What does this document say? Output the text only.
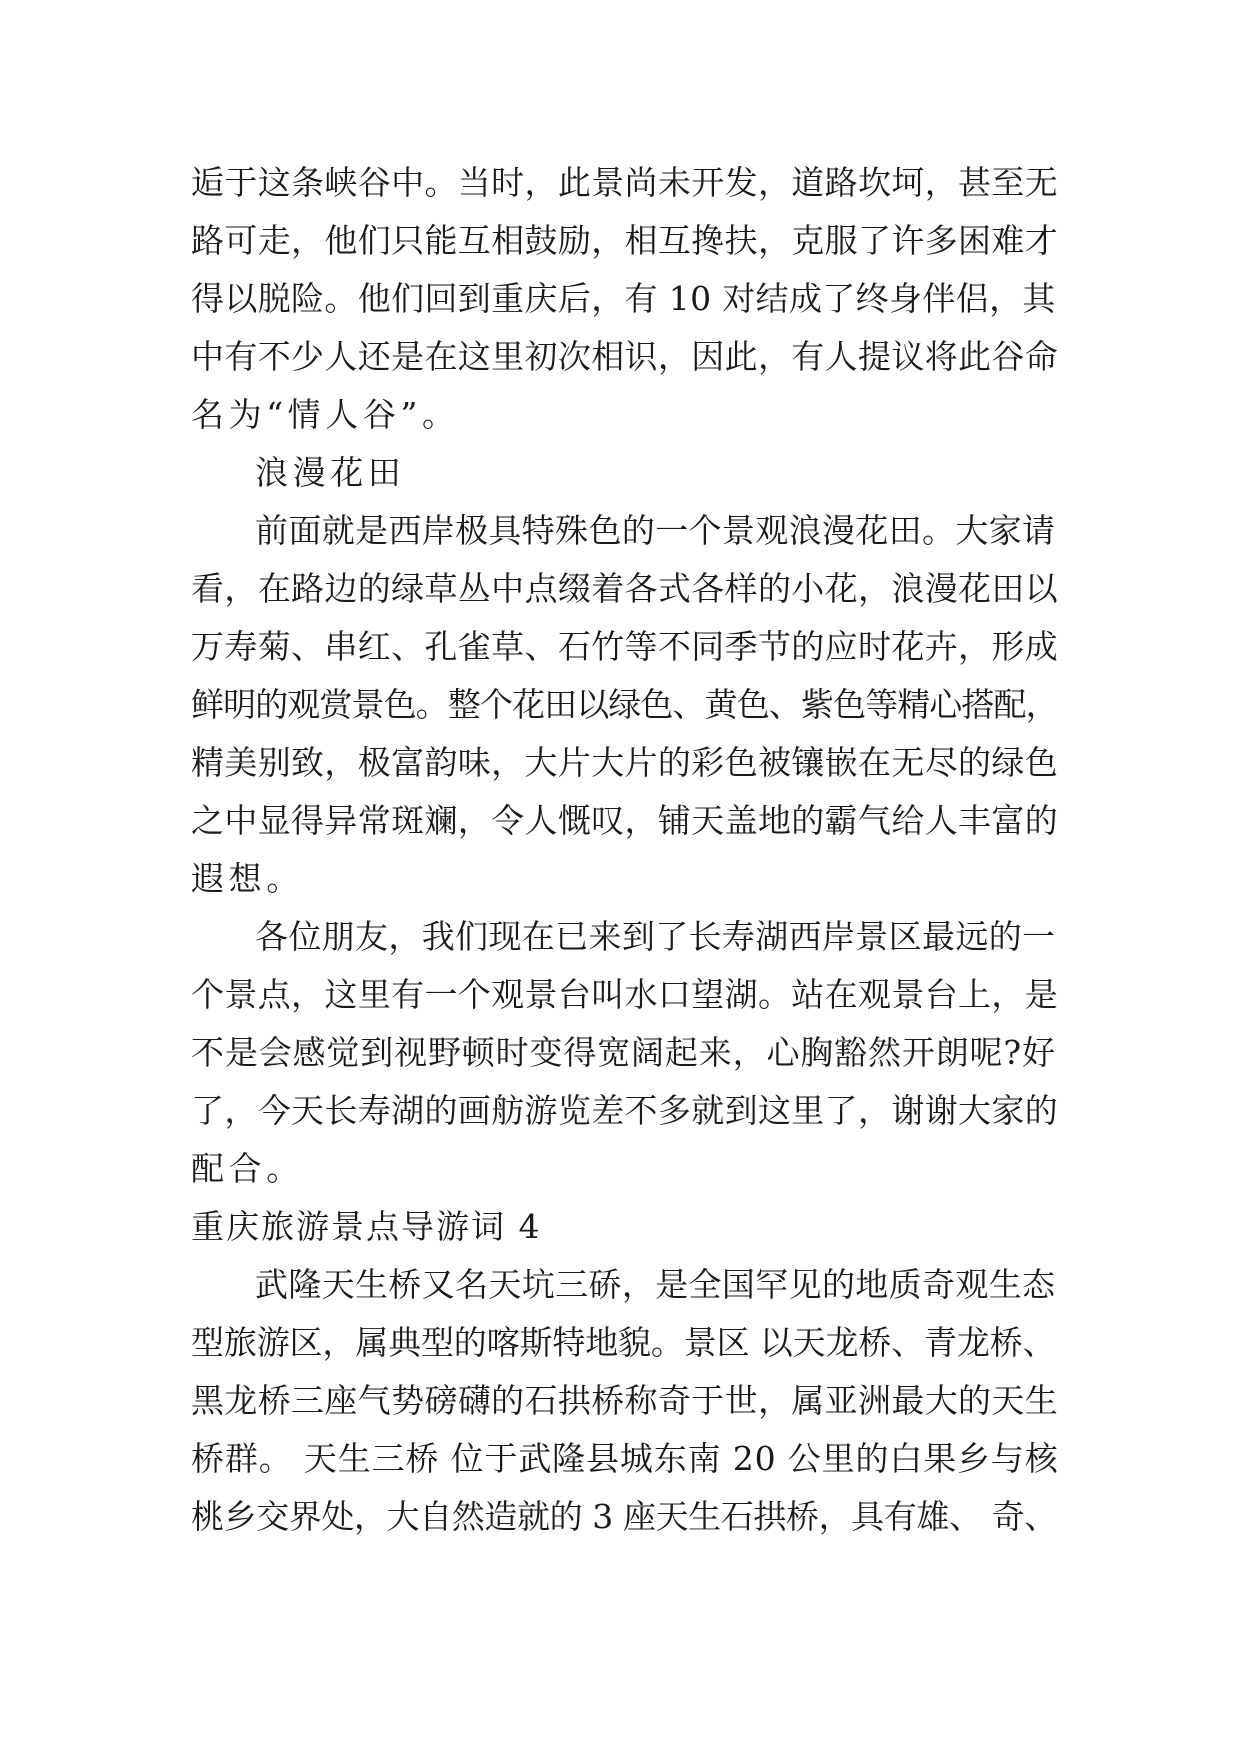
逅于这条峡谷中。当时，此景尚未开发，道路坎坷，甚至无
路可走，他们只能互相鼓励，相互搀扶，克服了许多困难才
得以脱险。他们回到重庆后，有 10 对结成了终身伴侣，其
中有不少人还是在这里初次相识，因此，有人提议将此谷命
名为“情人谷”。
浪漫花田
前面就是西岸极具特殊色的一个景观浪漫花田。大家请
看，在路边的绿草丛中点缀着各式各样的小花，浪漫花田以
万寿菊、串红、孔雀草、石竹等不同季节的应时花卉，形成
鲜明的观赏景色。整个花田以绿色、黄色、紫色等精心搭配，
精美别致，极富韵味，大片大片的彩色被镶嵌在无尽的绿色
之中显得异常斑斓，令人慨叹，铺天盖地的霸气给人丰富的
遐想。
各位朋友，我们现在已来到了长寿湖西岸景区最远的一
个景点，这里有一个观景台叫水口望湖。站在观景台上，是
不是会感觉到视野顿时变得宽阔起来，心胸豁然开朗呢?好
了，今天长寿湖的画舫游览差不多就到这里了，谢谢大家的
配合。
重庆旅游景点导游词 4
武隆天生桥又名天坑三硚，是全国罕见的地质奇观生态
型旅游区，属典型的喀斯特地貌。景区 以天龙桥、青龙桥、
黑龙桥三座气势磅礴的石拱桥称奇于世，属亚洲最大的天生
桥群。 天生三桥 位于武隆县城东南 20 公里的白果乡与核
桃乡交界处，大自然造就的 3 座天生石拱桥，具有雄、 奇、
